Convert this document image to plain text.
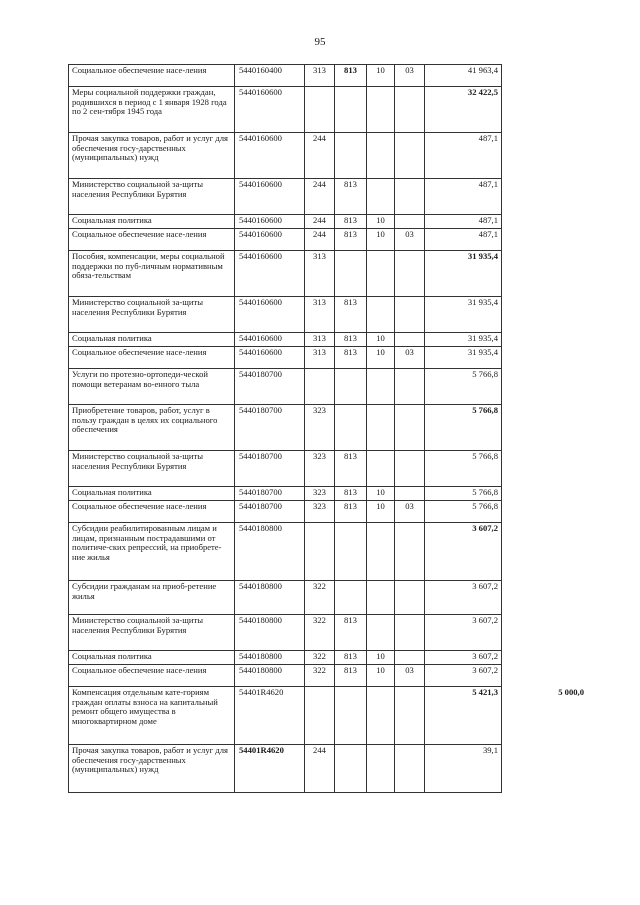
95
Социальное обеспечение насе-ления	5440160400	313	813	10	03	41 963,4	
Меры социальной поддержки граждан, родившихся в период с 1 января 1928 года по 2 сен-тября 1945 года	5440160600					32 422,5	
Прочая закупка товаров, работ и услуг для обеспечения госу-дарственных (муниципальных) нужд	5440160600	244				487,1	
Министерство социальной за-щиты населения Республики Бурятия	5440160600	244	813			487,1	
Социальная политика	5440160600	244	813	10		487,1	
Социальное обеспечение насе-ления	5440160600	244	813	10	03	487,1	
Пособия, компенсации, меры социальной поддержки по пуб-личным нормативным обяза-тельствам	5440160600	313				31 935,4	
Министерство социальной за-щиты населения Республики Бурятия	5440160600	313	813			31 935,4	
Социальная политика	5440160600	313	813	10		31 935,4	
Социальное обеспечение насе-ления	5440160600	313	813	10	03	31 935,4	
Услуги по протезно-ортопеди-ческой помощи ветеранам во-енного тыла	5440180700					5 766,8	
Приобретение товаров, работ, услуг в пользу граждан в целях их социального обеспечения	5440180700	323				5 766,8	
Министерство социальной за-щиты населения Республики Бурятия	5440180700	323	813			5 766,8	
Социальная политика	5440180700	323	813	10		5 766,8	
Социальное обеспечение насе-ления	5440180700	323	813	10	03	5 766,8	
Субсидии реабилитированным лицам и лицам, признанным пострадавшими от политиче-ских репрессий, на приобрете-ние жилья	5440180800					3 607,2	
Субсидии гражданам на приоб-ретение жилья	5440180800	322				3 607,2	
Министерство социальной за-щиты населения Республики Бурятия	5440180800	322	813			3 607,2	
Социальная политика	5440180800	322	813	10		3 607,2	
Социальное обеспечение насе-ления	5440180800	322	813	10	03	3 607,2	
Компенсация отдельным кате-гориям граждан оплаты взноса на капитальный ремонт общего имущества в многоквартирном доме	54401R4620					5 421,3	5 000,0
Прочая закупка товаров, работ и услуг для обеспечения госу-дарственных (муниципальных) нужд	54401R4620	244				39,1	
